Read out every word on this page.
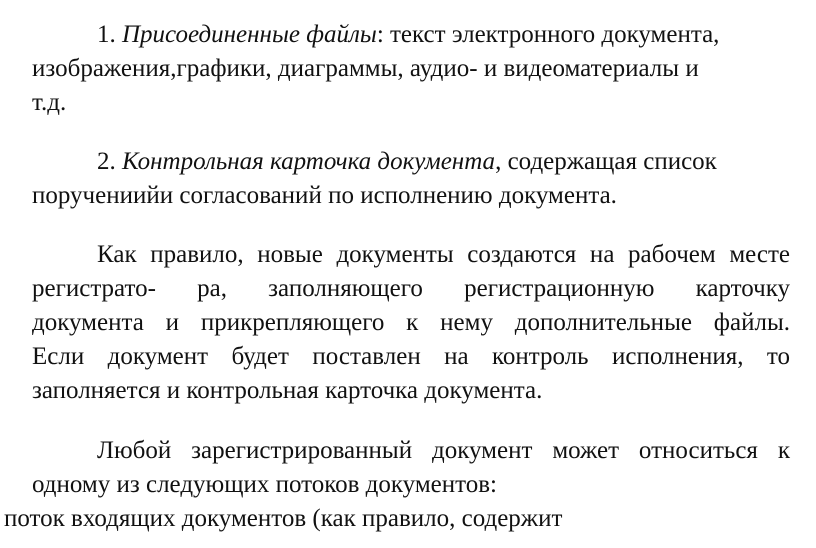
1. Присоединенные файлы: текст электронного документа,
изображения,графики, диаграммы, аудио- и видеоматериалы и
т.д.
2. Контрольная карточка документа, содержащая список
поручениийи согласований по исполнению документа.
Как правило, новые документы создаются на рабочем месте
регистрато- ра, заполняющего регистрационную карточку
документа и прикрепляющего к нему дополнительные файлы.
Если документ будет поставлен на контроль исполнения, то
заполняется и контрольная карточка документа.
Любой зарегистрированный документ может относиться к
одному из следующих потоков документов:
поток входящих документов (как правило, содержит
